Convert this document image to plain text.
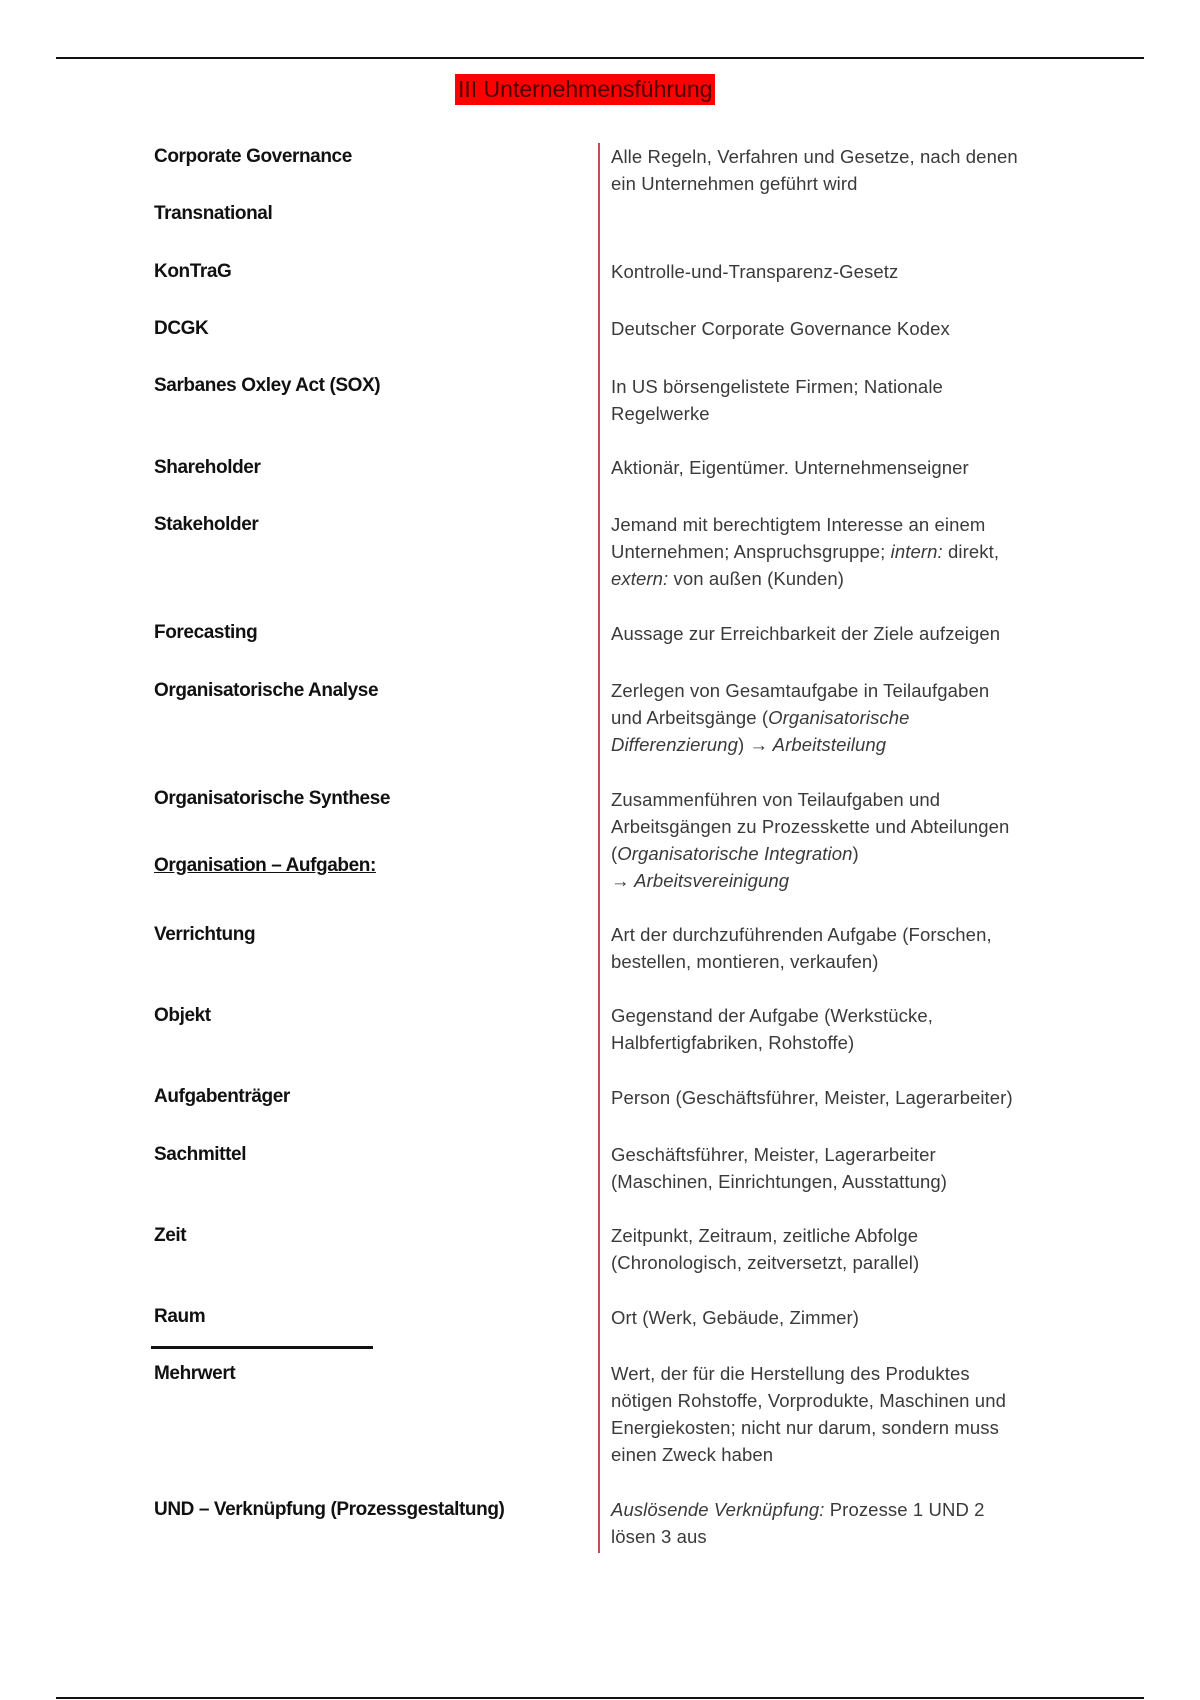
III Unternehmensführung
Corporate Governance
Transnational
KonTraG
DCGK
Sarbanes Oxley Act (SOX)
Shareholder
Stakeholder
Forecasting
Organisatorische Analyse
Organisatorische Synthese
Organisation – Aufgaben:
Verrichtung
Objekt
Aufgabenträger
Sachmittel
Zeit
Raum
Mehrwert
UND – Verknüpfung (Prozessgestaltung)
Alle Regeln, Verfahren und Gesetze, nach denen
ein Unternehmen geführt wird
Kontrolle-und-Transparenz-Gesetz
Deutscher Corporate Governance Kodex
In US börsengelistete Firmen; Nationale
Regelwerke
Aktionär, Eigentümer. Unternehmenseigner
Jemand mit berechtigtem Interesse an einem
Unternehmen; Anspruchsgruppe; intern: direkt,
extern: von außen (Kunden)
Aussage zur Erreichbarkeit der Ziele aufzeigen
Zerlegen von Gesamtaufgabe in Teilaufgaben
und Arbeitsgänge (Organisatorische
Differenzierung) → Arbeitsteilung
Zusammenführen von Teilaufgaben und
Arbeitsgängen zu Prozesskette und Abteilungen
(Organisatorische Integration)
→ Arbeitsvereinigung
Art der durchzuführenden Aufgabe (Forschen,
bestellen, montieren, verkaufen)
Gegenstand der Aufgabe (Werkstücke,
Halbfertigfabriken, Rohstoffe)
Person (Geschäftsführer, Meister, Lagerarbeiter)
Geschäftsführer, Meister, Lagerarbeiter
(Maschinen, Einrichtungen, Ausstattung)
Zeitpunkt, Zeitraum, zeitliche Abfolge
(Chronologisch, zeitversetzt, parallel)
Ort (Werk, Gebäude, Zimmer)
Wert, der für die Herstellung des Produktes
nötigen Rohstoffe, Vorprodukte, Maschinen und
Energiekosten; nicht nur darum, sondern muss
einen Zweck haben
Auslösende Verknüpfung: Prozesse 1 UND 2
lösen 3 aus
